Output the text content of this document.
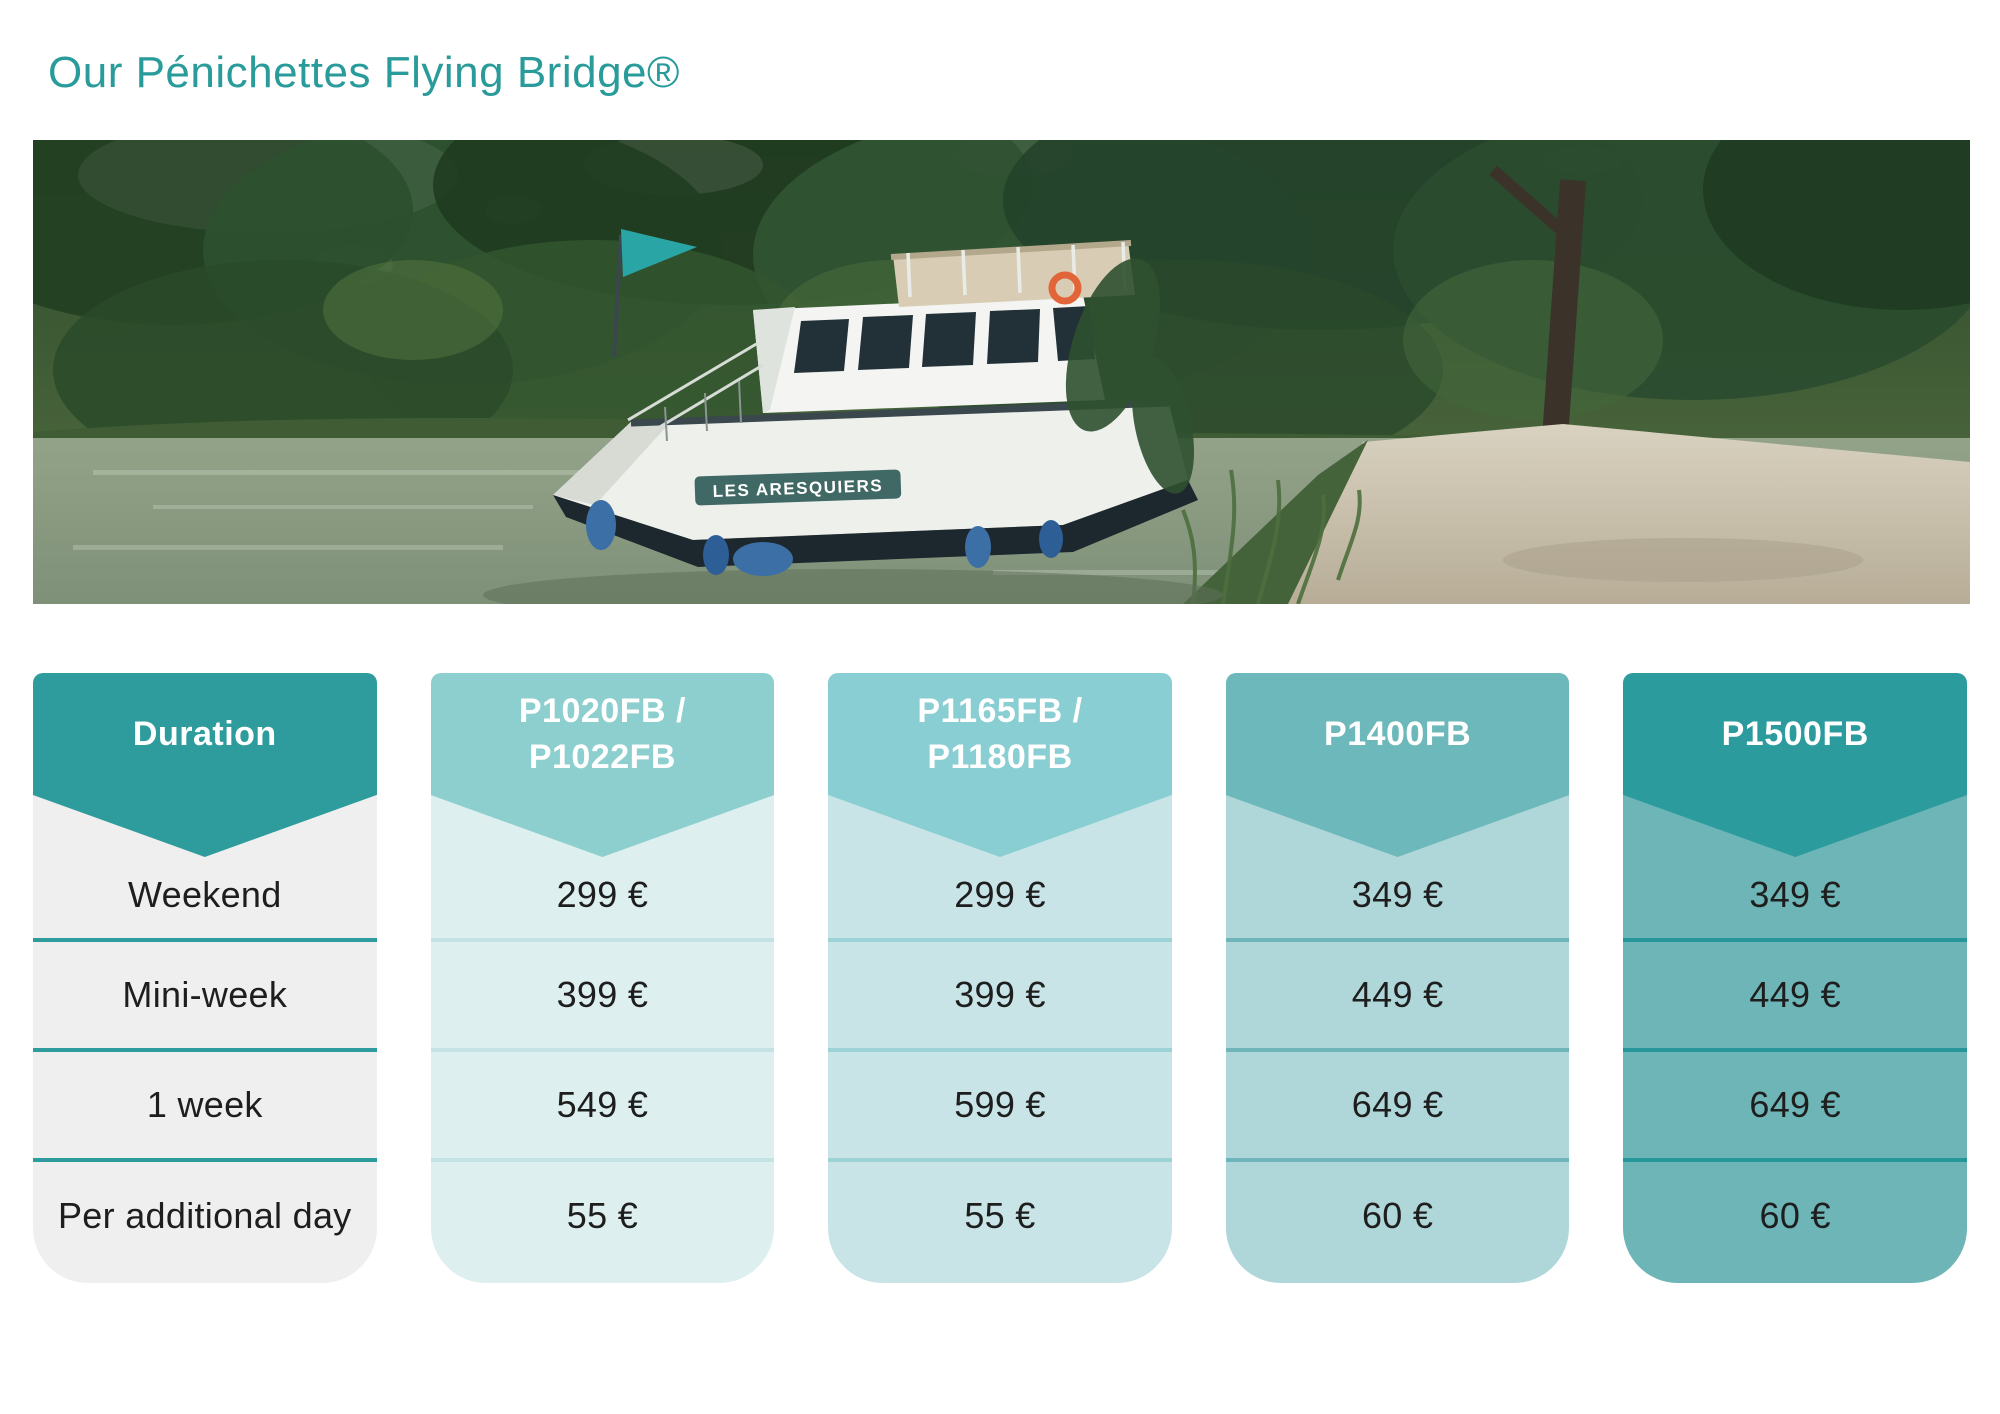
Our Pénichettes Flying Bridge®
LES ARESQUIERS
Duration
Weekend
Mini-week
1 week
Per additional day
P1020FB /
P1022FB
299 €
399 €
549 €
55 €
P1165FB /
P1180FB
299 €
399 €
599 €
55 €
P1400FB
349 €
449 €
649 €
60 €
P1500FB
349 €
449 €
649 €
60 €
